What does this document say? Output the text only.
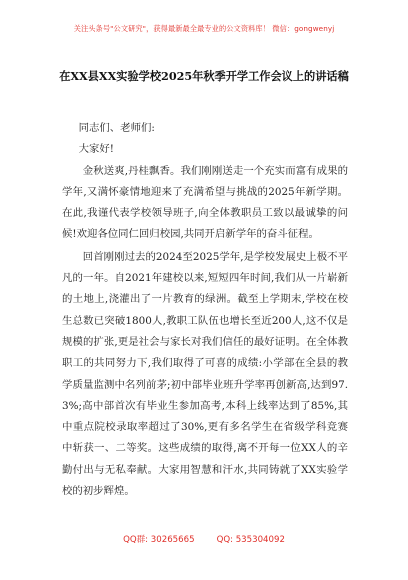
关注头条号"公文研究"，获得最新最全最专业的公文资料库！ 微信：gongwenyj
在XX县XX实验学校2025年秋季开学工作会议上的讲话稿

同志们、老师们:

大家好!

金秋送爽,丹桂飘香。我们刚刚送走一个充实而富有成果的学年,又满怀豪情地迎来了充满希望与挑战的2025年新学期。在此,我谨代表学校领导班子,向全体教职员工致以最诚挚的问候!欢迎各位同仁回归校园,共同开启新学年的奋斗征程。

回首刚刚过去的2024至2025学年,是学校发展史上极不平凡的一年。自2021年建校以来,短短四年时间,我们从一片崭新的土地上,浇灌出了一片教育的绿洲。截至上学期末,学校在校生总数已突破1800人,教职工队伍也增长至近200人,这不仅是规模的扩张,更是社会与家长对我们信任的最好证明。在全体教职工的共同努力下,我们取得了可喜的成绩:小学部在全县的教学质量监测中名列前茅;初中部毕业班升学率再创新高,达到97.3%;高中部首次有毕业生参加高考,本科上线率达到了85%,其中重点院校录取率超过了30%,更有多名学生在省级学科竞赛中斩获一、二等奖。这些成绩的取得,离不开每一位XX人的辛勤付出与无私奉献。大家用智慧和汗水,共同铸就了XX实验学校的初步辉煌。

QQ群: 30265665	QQ: 535304092
